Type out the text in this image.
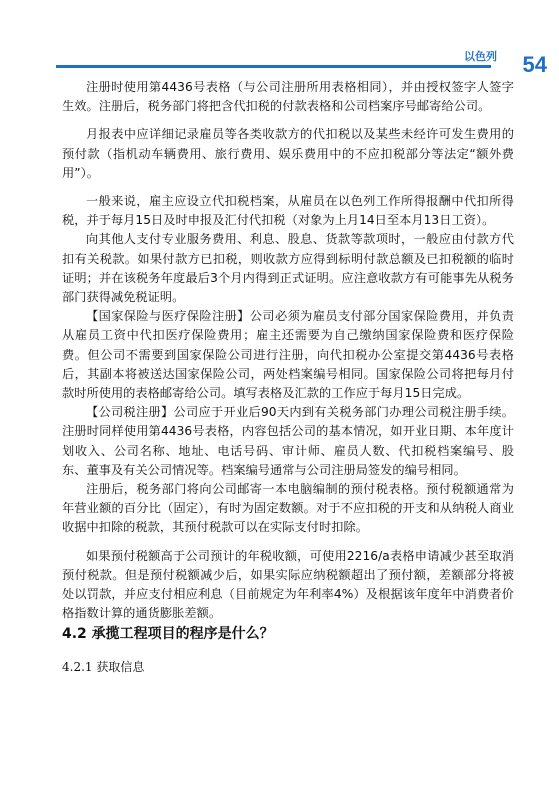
以色列 54

注册时使用第4436号表格（与公司注册所用表格相同），并由授权签字人签字生效。注册后，税务部门将把含代扣税的付款表格和公司档案序号邮寄给公司。

月报表中应详细记录雇员等各类收款方的代扣税以及某些未经许可发生费用的预付款（指机动车辆费用、旅行费用、娱乐费用中的不应扣税部分等法定“额外费用”）。

一般来说，雇主应设立代扣税档案，从雇员在以色列工作所得报酬中代扣所得税，并于每月15日及时申报及汇付代扣税（对象为上月14日至本月13日工资）。

向其他人支付专业服务费用、利息、股息、货款等款项时，一般应由付款方代扣有关税款。如果付款方已扣税，则收款方应得到标明付款总额及已扣税额的临时证明；并在该税务年度最后3个月内得到正式证明。应注意收款方有可能事先从税务部门获得减免税证明。

【国家保险与医疗保险注册】公司必须为雇员支付部分国家保险费用，并负责从雇员工资中代扣医疗保险费用；雇主还需要为自己缴纳国家保险费和医疗保险费。但公司不需要到国家保险公司进行注册，向代扣税办公室提交第4436号表格后，其副本将被送达国家保险公司，两处档案编号相同。国家保险公司将把每月付款时所使用的表格邮寄给公司。填写表格及汇款的工作应于每月15日完成。

【公司税注册】公司应于开业后90天内到有关税务部门办理公司税注册手续。注册时同样使用第4436号表格，内容包括公司的基本情况，如开业日期、本年度计划收入、公司名称、地址、电话号码、审计师、雇员人数、代扣税档案编号、股东、董事及有关公司情况等。档案编号通常与公司注册局签发的编号相同。

注册后，税务部门将向公司邮寄一本电脑编制的预付税表格。预付税额通常为年营业额的百分比（固定），有时为固定数额。对于不应扣税的开支和从纳税人商业收据中扣除的税款，其预付税款可以在实际支付时扣除。

如果预付税额高于公司预计的年税收额，可使用2216/a表格申请减少甚至取消预付税款。但是预付税额减少后，如果实际应纳税额超出了预付额，差额部分将被处以罚款，并应支付相应利息（目前规定为年利率4%）及根据该年度年中消费者价格指数计算的通货膨胀差额。

4.2 承揽工程项目的程序是什么？
4.2.1 获取信息
